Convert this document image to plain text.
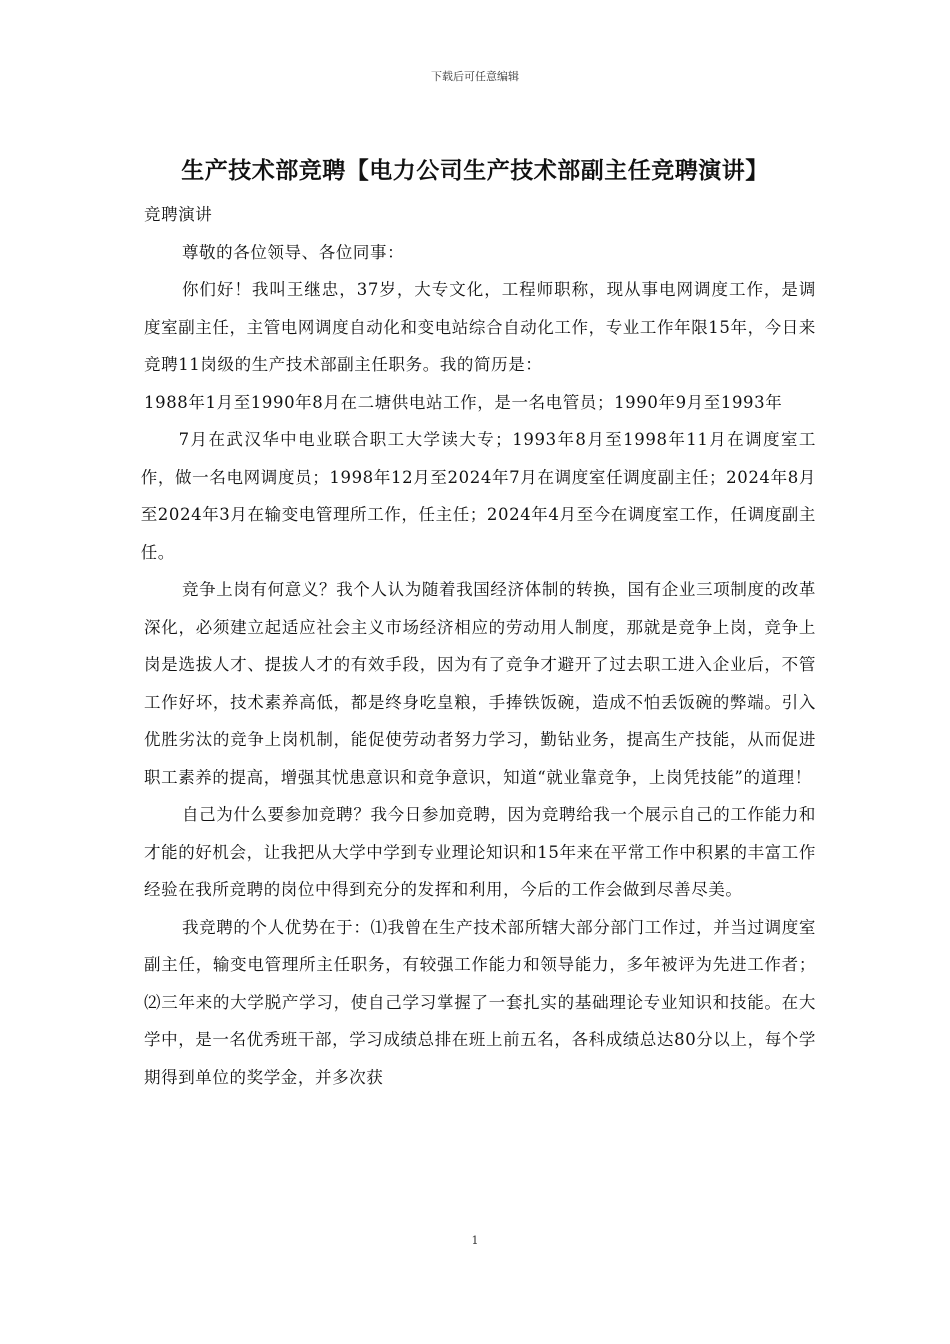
下载后可任意编辑
生产技术部竞聘【电力公司生产技术部副主任竞聘演讲】

竞聘演讲

尊敬的各位领导、各位同事：

你们好！我叫王继忠，37岁，大专文化，工程师职称，现从事电网调度工作，是调度室副主任，主管电网调度自动化和变电站综合自动化工作，专业工作年限15年，今日来竞聘11岗级的生产技术部副主任职务。我的简历是：

1988年1月至1990年8月在二塘供电站工作，是一名电管员；1990年9月至1993年

7月在武汉华中电业联合职工大学读大专；1993年8月至1998年11月在调度室工作，做一名电网调度员；1998年12月至2024年7月在调度室任调度副主任；2024年8月至2024年3月在输变电管理所工作，任主任；2024年4月至今在调度室工作，任调度副主任。

竞争上岗有何意义？我个人认为随着我国经济体制的转换，国有企业三项制度的改革深化，必须建立起适应社会主义市场经济相应的劳动用人制度，那就是竞争上岗，竞争上岗是选拔人才、提拔人才的有效手段，因为有了竞争才避开了过去职工进入企业后，不管工作好坏，技术素养高低，都是终身吃皇粮，手捧铁饭碗，造成不怕丢饭碗的弊端。引入优胜劣汰的竞争上岗机制，能促使劳动者努力学习，勤钻业务，提高生产技能，从而促进职工素养的提高，增强其忧患意识和竞争意识，知道“就业靠竞争，上岗凭技能”的道理！

自己为什么要参加竞聘？我今日参加竞聘，因为竞聘给我一个展示自己的工作能力和才能的好机会，让我把从大学中学到专业理论知识和15年来在平常工作中积累的丰富工作经验在我所竞聘的岗位中得到充分的发挥和利用，今后的工作会做到尽善尽美。

我竞聘的个人优势在于：⑴我曾在生产技术部所辖大部分部门工作过，并当过调度室副主任，输变电管理所主任职务，有较强工作能力和领导能力，多年被评为先进工作者；⑵三年来的大学脱产学习，使自己学习掌握了一套扎实的基础理论专业知识和技能。在大学中，是一名优秀班干部，学习成绩总排在班上前五名，各科成绩总达80分以上，每个学期得到单位的奖学金，并多次获

1
